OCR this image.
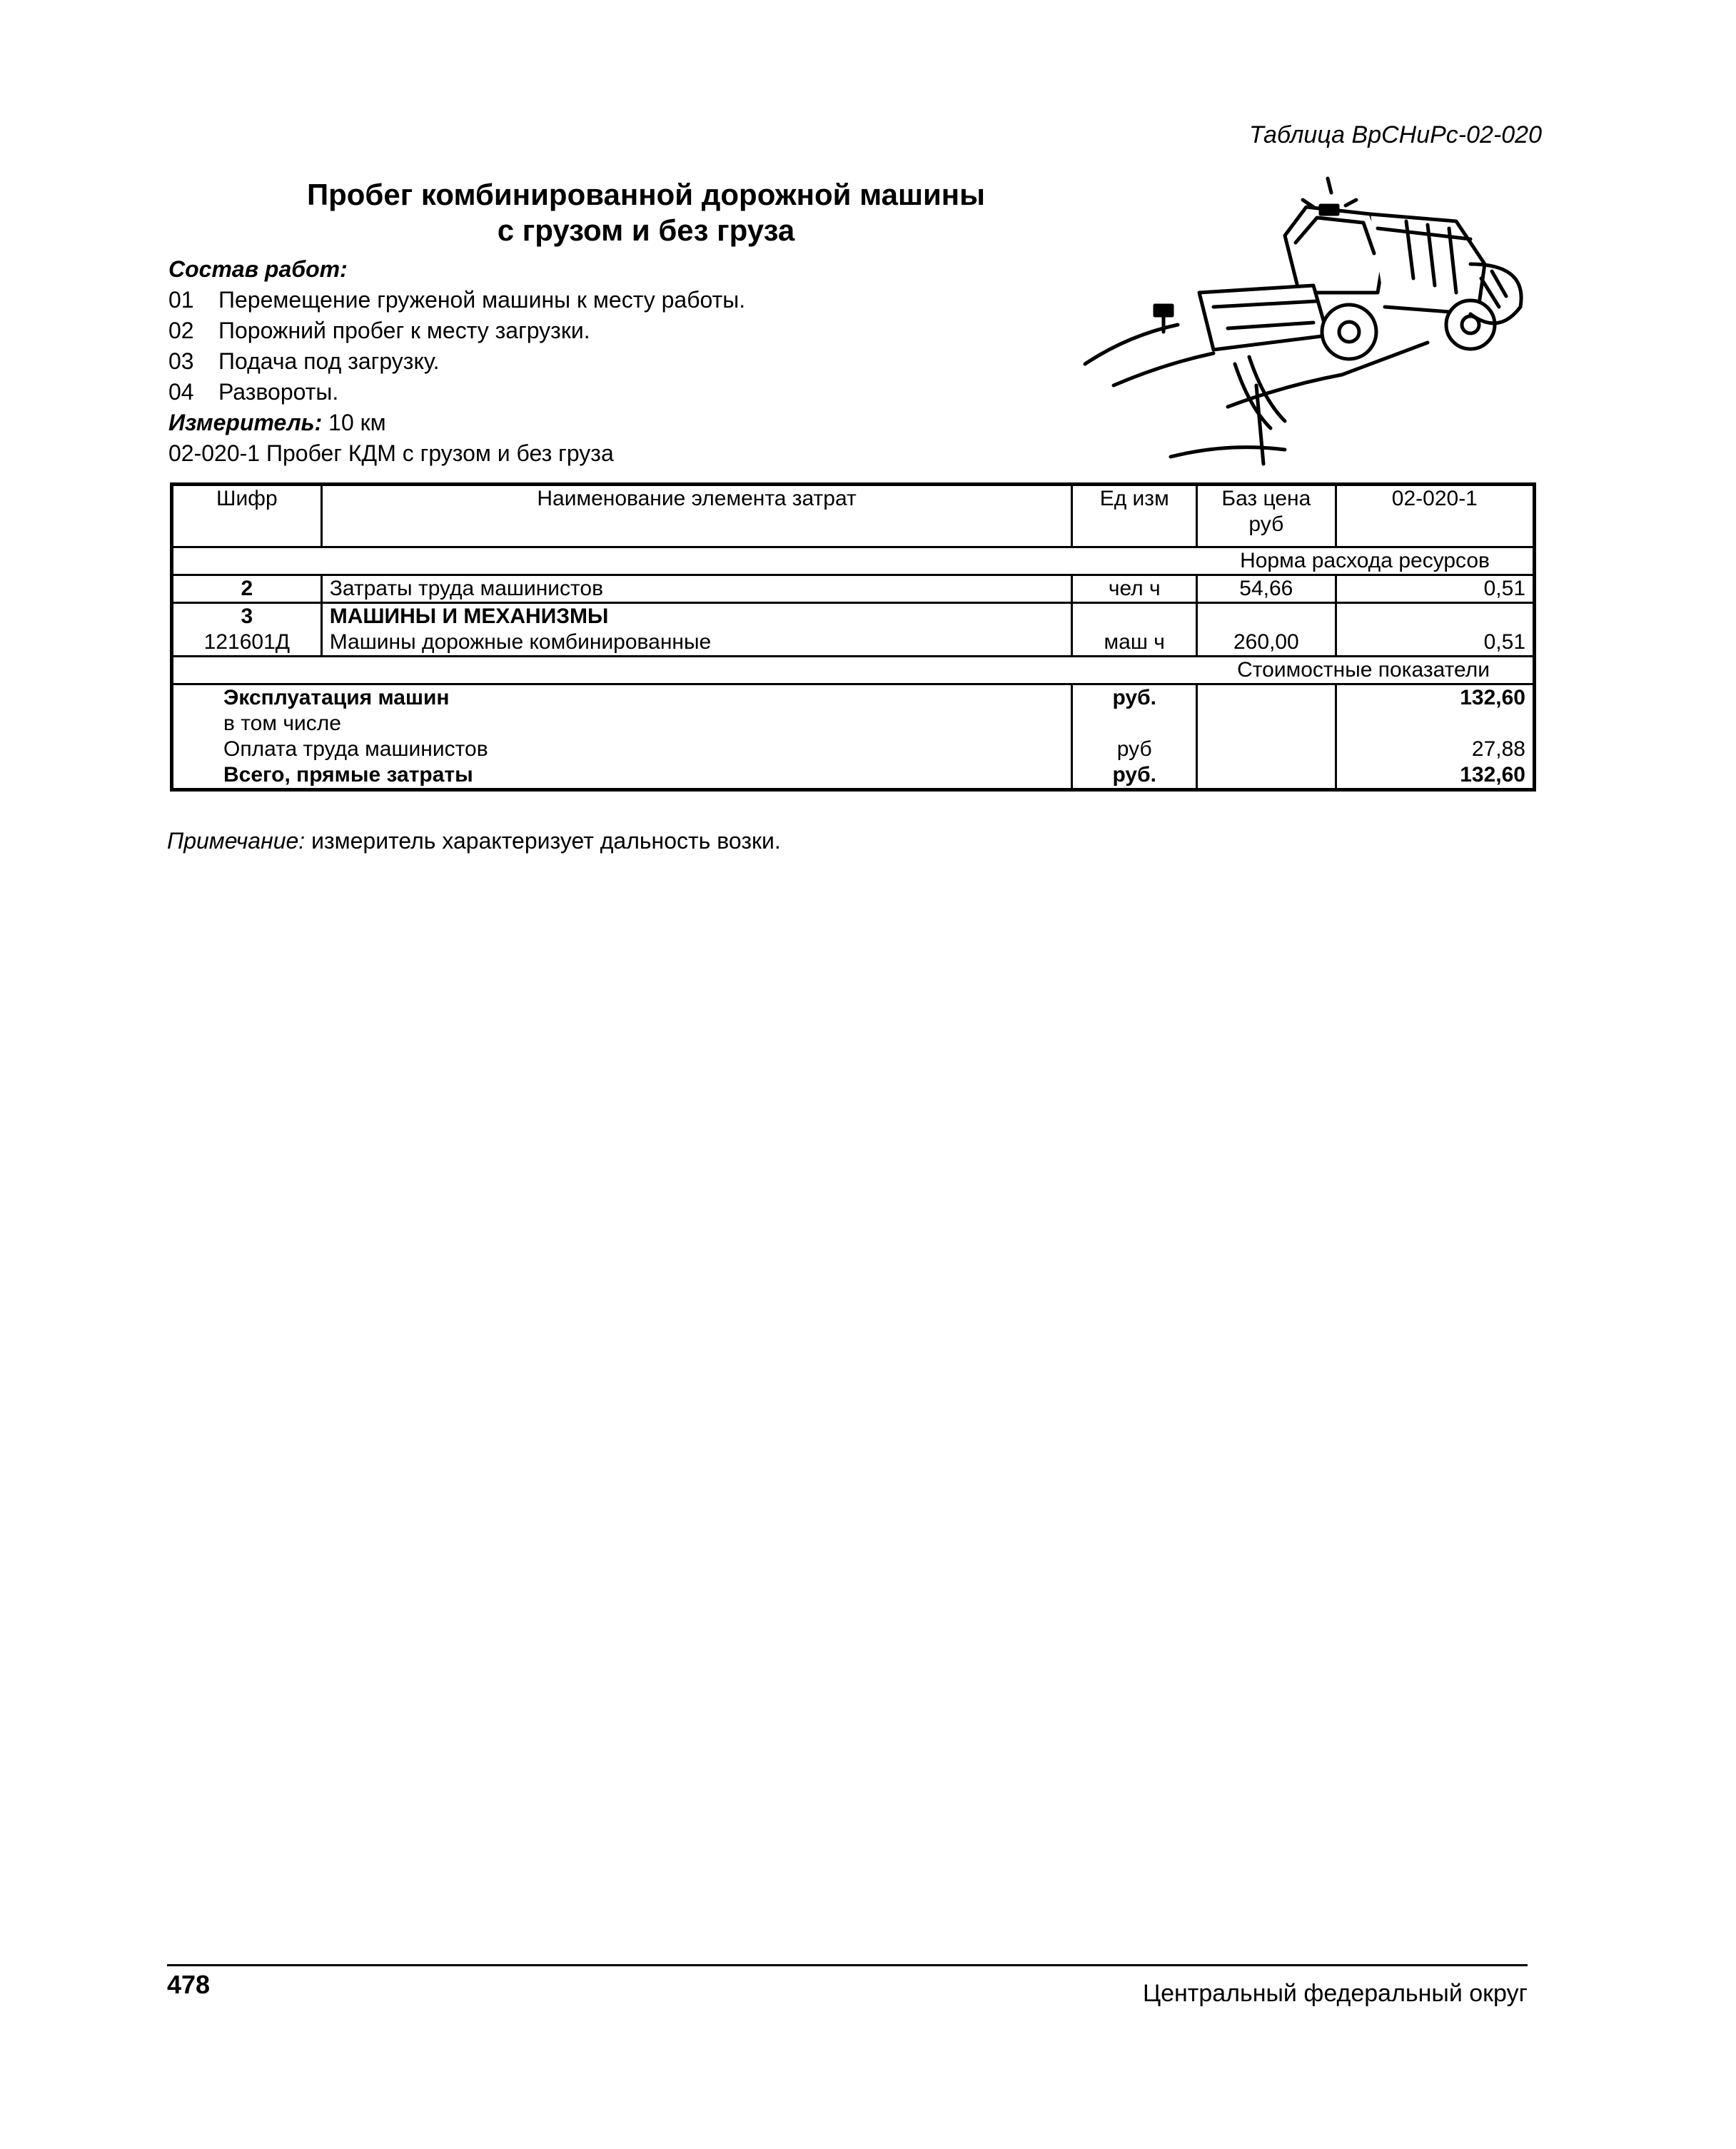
Таблица ВрСНиРс-02-020
Пробег комбинированной дорожной машины
с грузом и без груза
Состав работ:
01 Перемещение груженой машины к месту работы.
02 Порожний пробег к месту загрузки.
03 Подача под загрузку.
04 Развороты.
Измеритель: 10 км
02-020-1 Пробег КДМ с грузом и без груза
Шифр	Наименование элемента затрат	Ед изм	Баз цена руб	02-020-1
Норма расхода ресурсов				
2	Затраты труда машинистов	чел ч	54,66	0,51
3	МАШИНЫ И МЕХАНИЗМЫ			
121601Д	Машины дорожные комбинированные	маш ч	260,00	0,51
Стоимостные показатели				
Эксплуатация машин		руб.		132,60
в том числе				
Оплата труда машинистов		руб		27,88
Всего, прямые затраты		руб.		132,60
Примечание: измеритель характеризует дальность возки.
478	Центральный федеральный округ
